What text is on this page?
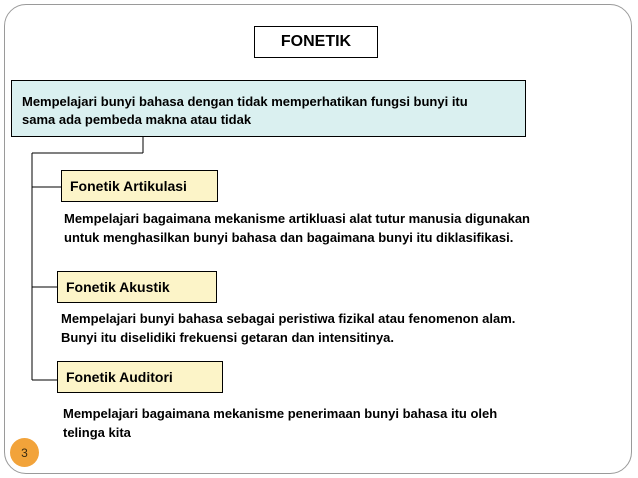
FONETIK
Mempelajari bunyi bahasa dengan tidak memperhatikan fungsi bunyi itu
sama ada pembeda makna atau tidak
Fonetik Artikulasi
Mempelajari bagaimana mekanisme artikluasi alat tutur manusia digunakan
untuk menghasilkan bunyi bahasa dan bagaimana bunyi itu diklasifikasi.
Fonetik Akustik
Mempelajari bunyi bahasa sebagai peristiwa fizikal atau fenomenon alam.
Bunyi itu diselidiki frekuensi getaran dan intensitinya.
Fonetik Auditori
Mempelajari bagaimana mekanisme penerimaan bunyi bahasa itu oleh
telinga kita
3
